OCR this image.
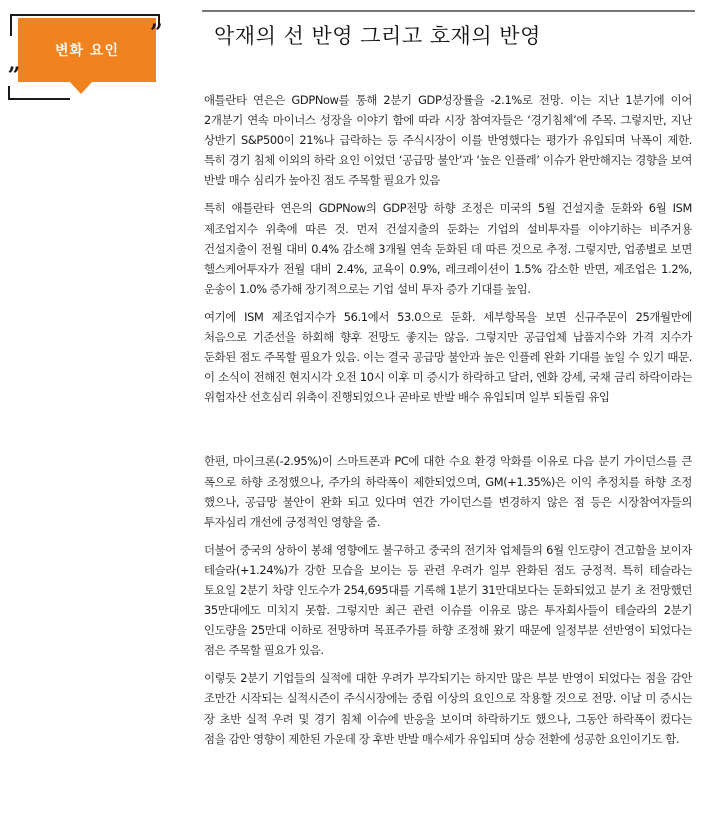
변화 요인
”
„
악재의 선 반영 그리고 호재의 반영

애틀란타 연은은 GDPNow를 통해 2분기 GDP성장률을 -2.1%로 전망. 이는 지난 1분기에 이어 2개분기 연속 마이너스 성장을 이야기 함에 따라 시장 참여자들은 ‘경기침체’에 주목. 그렇지만, 지난 상반기 S&P500이 21%나 급락하는 등 주식시장이 이를 반영했다는 평가가 유입되며 낙폭이 제한. 특히 경기 침체 이외의 하락 요인 이었던 ‘공급망 불안’과 ‘높은 인플레’ 이슈가 완만해지는 경향을 보여 반발 매수 심리가 높아진 점도 주목할 필요가 있음

특히 애틀란타 연은의 GDPNow의 GDP전망 하향 조정은 미국의 5월 건설지출 둔화와 6월 ISM 제조업지수 위축에 따른 것. 먼저 건설지출의 둔화는 기업의 설비투자를 이야기하는 비주거용 건설지출이 전월 대비 0.4% 감소해 3개월 연속 둔화된 데 따른 것으로 추정. 그렇지만, 업종별로 보면 헬스케어투자가 전월 대비 2.4%, 교육이 0.9%, 레크레이션이 1.5% 감소한 반면, 제조업은 1.2%, 운송이 1.0% 증가해 장기적으로는 기업 설비 투자 증가 기대를 높임.

여기에 ISM 제조업지수가 56.1에서 53.0으로 둔화. 세부항목을 보면 신규주문이 25개월만에 처음으로 기준선을 하회해 향후 전망도 좋지는 않음. 그렇지만 공급업체 납품지수와 가격 지수가 둔화된 점도 주목할 필요가 있음. 이는 결국 공급망 불안과 높은 인플레 완화 기대를 높일 수 있기 때문. 이 소식이 전해진 현지시각 오전 10시 이후 미 증시가 하락하고 달러, 엔화 강세, 국채 금리 하락이라는 위험자산 선호심리 위축이 진행되었으나 곧바로 반발 배수 유입되며 일부 되돌림 유입

한편, 마이크론(-2.95%)이 스마트폰과 PC에 대한 수요 환경 악화를 이유로 다음 분기 가이던스를 큰 폭으로 하향 조정했으나, 주가의 하락폭이 제한되었으며, GM(+1.35%)은 이익 추정치를 하향 조정 했으나, 공급망 불안이 완화 되고 있다며 연간 가이던스를 변경하지 않은 점 등은 시장참여자들의 투자심리 개선에 긍정적인 영향을 줌.

더불어 중국의 상하이 봉쇄 영향에도 불구하고 중국의 전기차 업체들의 6월 인도량이 견고함을 보이자 테슬라(+1.24%)가 강한 모습을 보이는 등 관련 우려가 일부 완화된 점도 긍정적. 특히 테슬라는 토요일 2분기 차량 인도수가 254,695대를 기록해 1분기 31만대보다는 둔화되었고 분기 초 전망했던 35만대에도 미치지 못함. 그렇지만 최근 관련 이슈를 이유로 많은 투자회사들이 테슬라의 2분기 인도량을 25만대 이하로 전망하며 목표주가를 하향 조정해 왔기 때문에 일정부분 선반영이 되었다는 점은 주목할 필요가 있음.

이렇듯 2분기 기업들의 실적에 대한 우려가 부각되기는 하지만 많은 부분 반영이 되었다는 점을 감안 조만간 시작되는 실적시즌이 주식시장에는 중립 이상의 요인으로 작용할 것으로 전망. 이날 미 증시는 장 초반 실적 우려 및 경기 침체 이슈에 반응을 보이며 하락하기도 했으나, 그동안 하락폭이 컸다는 점을 감안 영향이 제한된 가운데 장 후반 반발 매수세가 유입되며 상승 전환에 성공한 요인이기도 함.
